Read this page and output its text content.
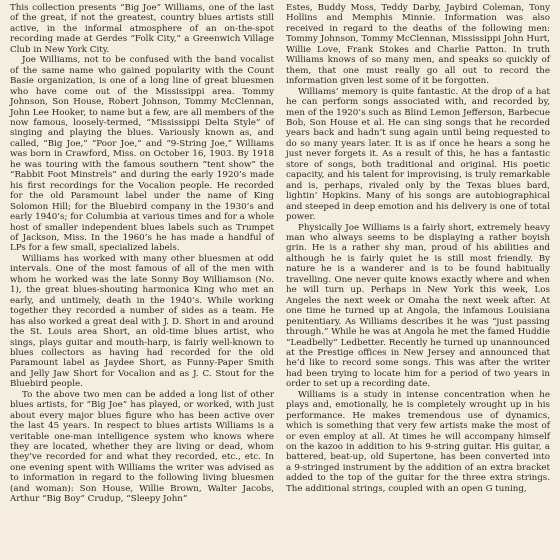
This collection presents “Big Joe” Williams, one of the last of the great, if not the greatest, country blues artists still active, in the informal atmosphere of an on-the-spot recording made at Gerdes “Folk City,” a Greenwich Village Club in New York City.

Joe Williams, not to be confused with the band vocalist of the same name who gained popularity with the Count Basie organization, is one of a long line of great bluesmen who have come out of the Mississippi area. Tommy Johnson, Son House, Robert Johnson, Tommy McClennan, John Lee Hooker, to name but a few, are all members of the now famous, loosely-termed, “Mississippi Delta Style” of singing and playing the blues. Variously known as, and called, “Big Joe,” “Poor Joe,” and “9-String Joe,” Williams was born in Crawford, Miss. on October 16, 1903. By 1918 he was touring with the famous southern “tent show” the “Rabbit Foot Minstrels” and during the early 1920’s made his first recordings for the Vocalion people. He recorded for the old Paramount label under the name of King Solomon Hill; for the Bluebird company in the 1930’s and early 1940’s; for Columbia at various times and for a whole host of smaller independent blues labels such as Trumpet of Jackson, Miss. In the 1960’s he has made a handful of LPs for a few small, specialized labels.

Williams has worked with many other bluesmen at odd intervals. One of the most famous of all of the men with whom he worked was the late Sonny Boy Williamson (No. 1), the great blues-shouting harmonica King who met an early, and untimely, death in the 1940’s. While working together they recorded a number of sides as a team. He has also worked a great deal with J. D. Short in and around the St. Louis area Short, an old-time blues artist, who sings, plays guitar and mouth-harp, is fairly well-known to blues collectors as having had recorded for the old Paramount label as Jaydee Short, as Funny-Paper Smith and Jelly Jaw Short for Vocalion and as J. C. Stout for the Bluebird people.

To the above two men can be added a long list of other blues artists, for “Big Joe” has played, or worked, with just about every major blues figure who has been active over the last 45 years. In respect to blues artists Williams is a veritable one-man intelligence system who knows where they are located, whether they are living or dead, whom they’ve recorded for and what they recorded, etc., etc. In one evening spent with Williams the writer was advised as to information in regard to the following living bluesmen (and woman): Son House, Willie Brown, Walter Jacobs, Arthur “Big Boy” Crudup, “Sleepy John”

Estes, Buddy Moss, Teddy Darby, Jaybird Coleman, Tony Hollins and Memphis Minnie. Information was also received in regard to the deaths of the following men: Tommy Johnson, Tommy McClennan, Mississippi John Hurt, Willie Love, Frank Stokes and Charlie Patton. In truth Williams knows of so many men, and speaks so quickly of them, that one must really go all out to record the information given lest some of it be forgotten.

Williams’ memory is quite fantastic. At the drop of a hat he can perform songs associated with, and recorded by, men of the 1920’s such as Blind Lemon Jefferson, Barbecue Bob, Son House et al. He can sing songs that he recorded years back and hadn’t sung again until being requested to do so many years later. It is as if once he hears a song he just never forgets it. As a result of this, he has a fantastic store of songs, both traditional and original. His poetic capacity, and his talent for improvising, is truly remarkable and is, perhaps, rivaled only by the Texas blues bard, lightin’ Hopkins. Many of his songs are autobiographical and steeped in deep emotion and his delivery is one of total power.

Physically Joe Williams is a fairly short, extremely heavy man who always seems to be displaying a rather boyish grin. He is a rather shy man, proud of his abilities and although he is fairly quiet he is still most friendly. By nature he is a wanderer and is to be found habitually travelling. One never quite knows exactly where and when he will turn up. Perhaps in New York this week, Los Angeles the next week or Omaha the next week after. At one time he turned up at Angola, the infamous Louisiana penitentiary. As Williams describes it he was “just passing through.” While he was at Angola he met the famed Huddie “Leadbelly” Ledbetter. Recently he turned up unannounced at the Prestige offices in New Jersey and announced that he’d like to record some songs. This was after the writer had been trying to locate him for a period of two years in order to set up a recording date.

Williams is a study in intense concentration when he plays and, emotionally, he is completely wrought up in his performance. He makes tremendous use of dynamics, which is something that very few artists make the most of or even employ at all. At times he will accompany himself on the kazoo in addition to his 9-string guitar. His guitar, a battered, beat-up, old Supertone, has been converted into a 9-stringed instrument by the addition of an extra bracket added to the top of the guitar for the three extra strings. The additional strings, coupled with an open G tuning,
